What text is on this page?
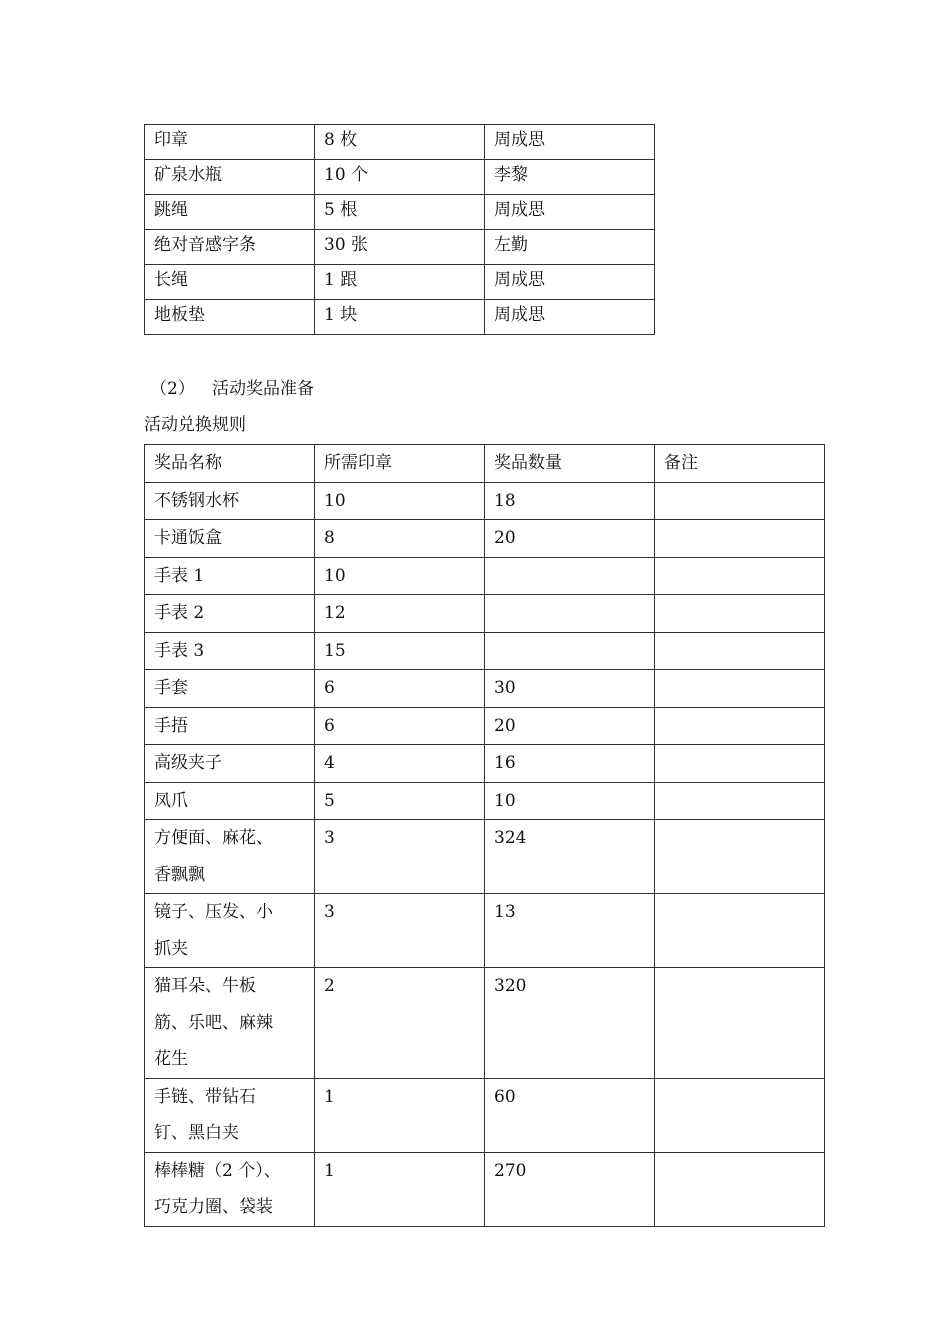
印章	8 枚	周成思
矿泉水瓶	10 个	李黎
跳绳	5 根	周成思
绝对音感字条	30 张	左勤
长绳	1 跟	周成思
地板垫	1 块	周成思
（2） 活动奖品准备
活动兑换规则
奖品名称	所需印章	奖品数量	备注

不锈钢水杯	10	18	

卡通饭盒	8	20	

手表 1	10		

手表 2	12		

手表 3	15		

手套	6	30	

手捂	6	20	

高级夹子	4	16	

凤爪	5	10	

方便面、麻花、
香飘飘	3	324	

镜子、压发、小
抓夹	3	13	

猫耳朵、牛板
筋、乐吧、麻辣
花生	2	320	

手链、带钻石
钉、黑白夹	1	60	

棒棒糖（2 个）、
巧克力圈、袋装	1	270	
